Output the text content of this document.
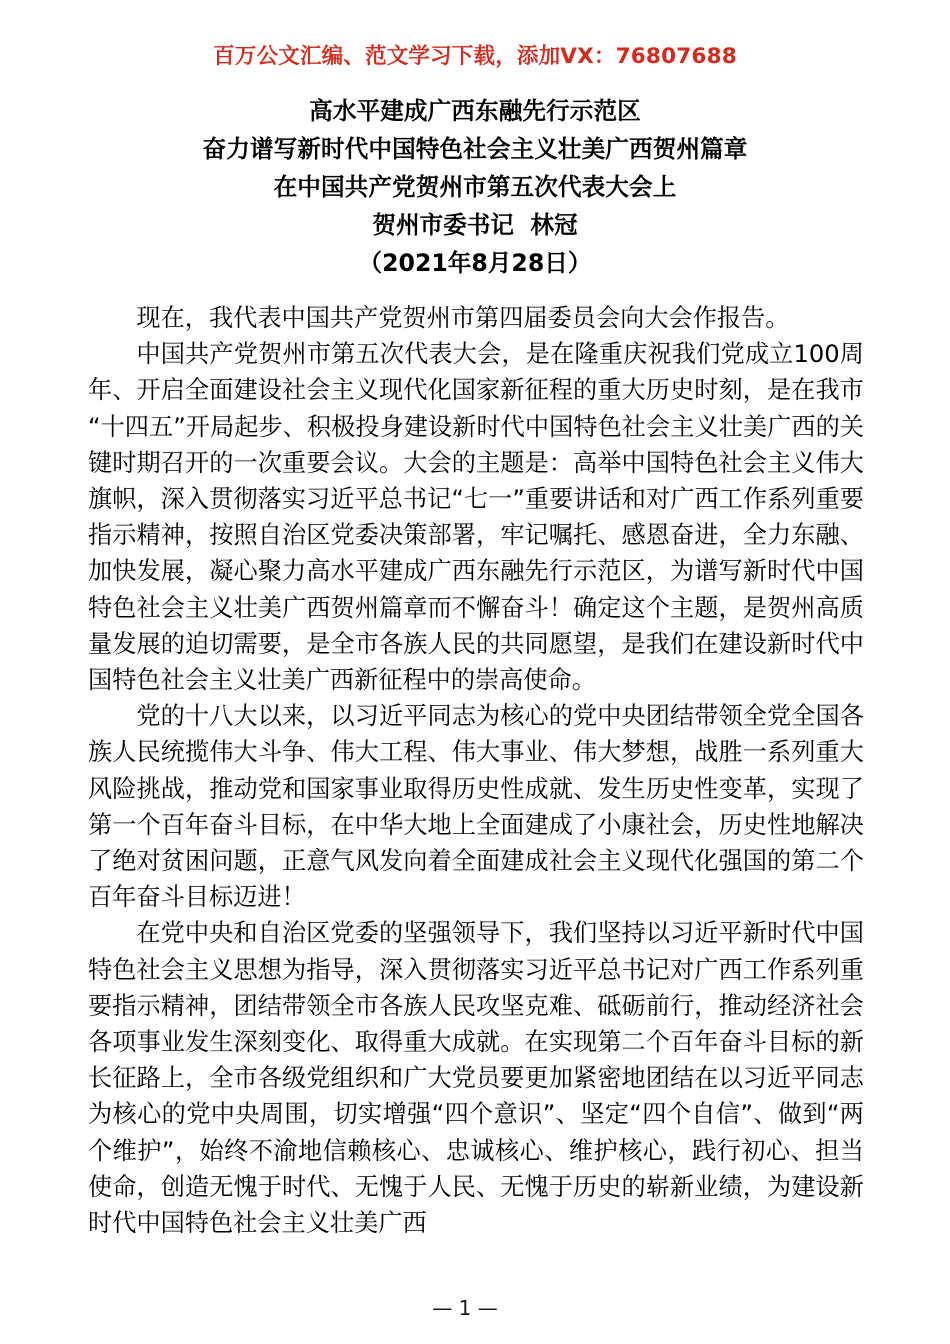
百万公文汇编、范文学习下载，添加VX：76807688
高水平建成广西东融先行示范区
奋力谱写新时代中国特色社会主义壮美广西贺州篇章
在中国共产党贺州市第五次代表大会上
贺州市委书记  林冠
（2021年8月28日）

现在，我代表中国共产党贺州市第四届委员会向大会作报告。

中国共产党贺州市第五次代表大会，是在隆重庆祝我们党成立100周年、开启全面建设社会主义现代化国家新征程的重大历史时刻，是在我市“十四五”开局起步、积极投身建设新时代中国特色社会主义壮美广西的关键时期召开的一次重要会议。大会的主题是：高举中国特色社会主义伟大旗帜，深入贯彻落实习近平总书记“七一”重要讲话和对广西工作系列重要指示精神，按照自治区党委决策部署，牢记嘱托、感恩奋进，全力东融、加快发展，凝心聚力高水平建成广西东融先行示范区，为谱写新时代中国特色社会主义壮美广西贺州篇章而不懈奋斗！确定这个主题，是贺州高质量发展的迫切需要，是全市各族人民的共同愿望，是我们在建设新时代中国特色社会主义壮美广西新征程中的崇高使命。

党的十八大以来，以习近平同志为核心的党中央团结带领全党全国各族人民统揽伟大斗争、伟大工程、伟大事业、伟大梦想，战胜一系列重大风险挑战，推动党和国家事业取得历史性成就、发生历史性变革，实现了第一个百年奋斗目标，在中华大地上全面建成了小康社会，历史性地解决了绝对贫困问题，正意气风发向着全面建成社会主义现代化强国的第二个百年奋斗目标迈进！

在党中央和自治区党委的坚强领导下，我们坚持以习近平新时代中国特色社会主义思想为指导，深入贯彻落实习近平总书记对广西工作系列重要指示精神，团结带领全市各族人民攻坚克难、砥砺前行，推动经济社会各项事业发生深刻变化、取得重大成就。在实现第二个百年奋斗目标的新长征路上，全市各级党组织和广大党员要更加紧密地团结在以习近平同志为核心的党中央周围，切实增强“四个意识”、坚定“四个自信”、做到“两个维护”，始终不渝地信赖核心、忠诚核心、维护核心，践行初心、担当使命，创造无愧于时代、无愧于人民、无愧于历史的崭新业绩，为建设新时代中国特色社会主义壮美广西

— 1 —
